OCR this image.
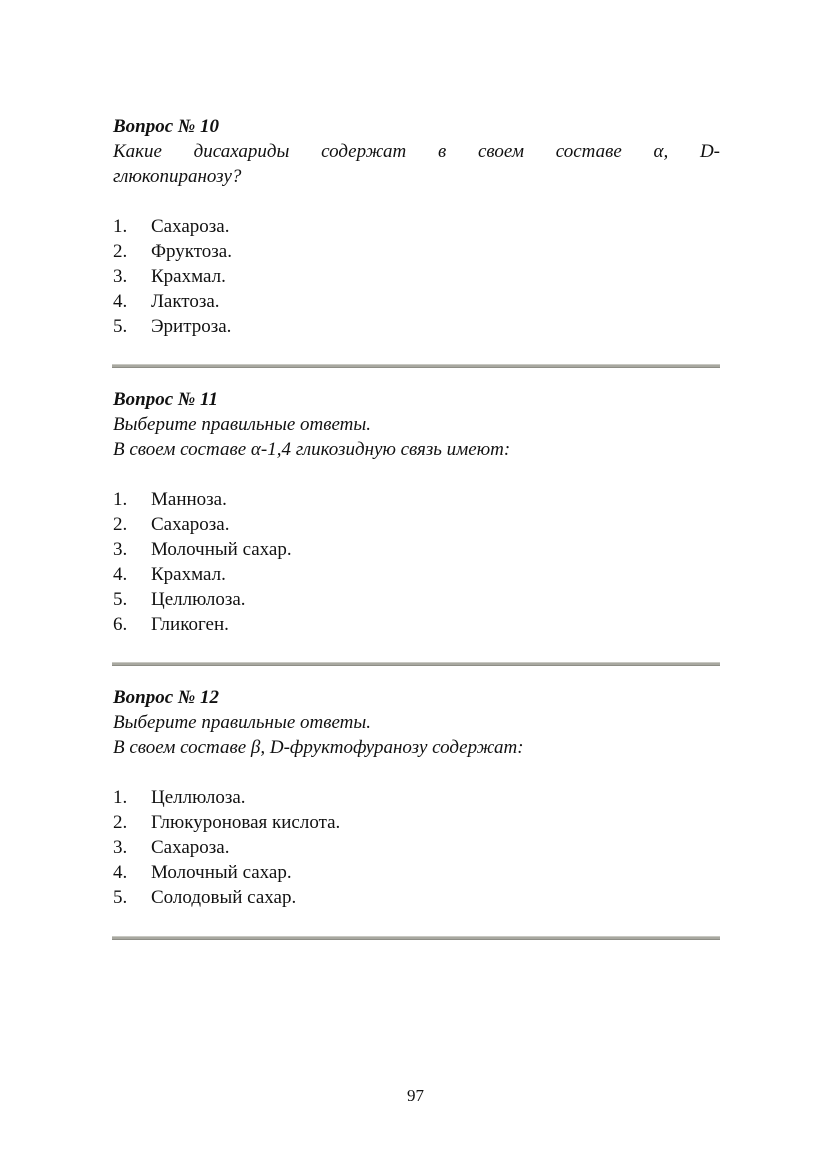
Вопрос № 10
Какие дисахариды содержат в своем составе α, D-
глюкопиранозу?
1. Сахароза.
2. Фруктоза.
3. Крахмал.
4. Лактоза.
5. Эритроза.
Вопрос № 11
Выберите правильные ответы.
В своем составе α-1,4 гликозидную связь имеют:
1. Манноза.
2. Сахароза.
3. Молочный сахар.
4. Крахмал.
5. Целлюлоза.
6. Гликоген.
Вопрос № 12
Выберите правильные ответы.
В своем составе β, D-фруктофуранозу содержат:
1. Целлюлоза.
2. Глюкуроновая кислота.
3. Сахароза.
4. Молочный сахар.
5. Солодовый сахар.
97
